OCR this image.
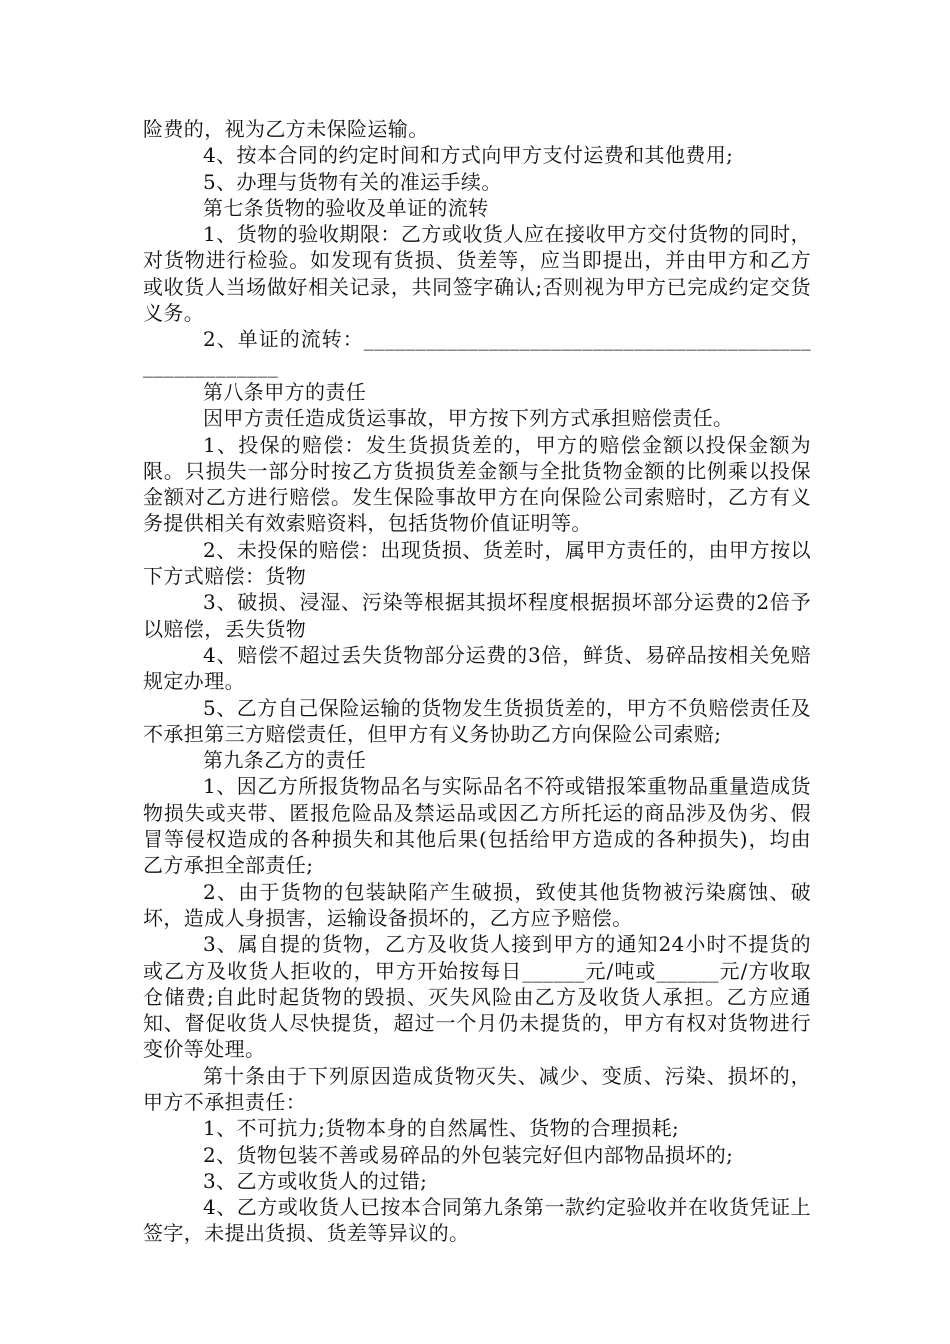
险费的，视为乙方未保险运输。

4、按本合同的约定时间和方式向甲方支付运费和其他费用;

5、办理与货物有关的准运手续。

第七条货物的验收及单证的流转

1、货物的验收期限：乙方或收货人应在接收甲方交付货物的同时，对货物进行检验。如发现有货损、货差等，应当即提出，并由甲方和乙方或收货人当场做好相关记录，共同签字确认;否则视为甲方已完成约定交货义务。

2、单证的流转：________________________________________________________

第八条甲方的责任

因甲方责任造成货运事故，甲方按下列方式承担赔偿责任。

1、投保的赔偿：发生货损货差的，甲方的赔偿金额以投保金额为限。只损失一部分时按乙方货损货差金额与全批货物金额的比例乘以投保金额对乙方进行赔偿。发生保险事故甲方在向保险公司索赔时，乙方有义务提供相关有效索赔资料，包括货物价值证明等。

2、未投保的赔偿：出现货损、货差时，属甲方责任的，由甲方按以下方式赔偿：货物

3、破损、浸湿、污染等根据其损坏程度根据损坏部分运费的2倍予以赔偿，丢失货物

4、赔偿不超过丢失货物部分运费的3倍，鲜货、易碎品按相关免赔规定办理。

5、乙方自己保险运输的货物发生货损货差的，甲方不负赔偿责任及不承担第三方赔偿责任，但甲方有义务协助乙方向保险公司索赔;

第九条乙方的责任

1、因乙方所报货物品名与实际品名不符或错报笨重物品重量造成货物损失或夹带、匿报危险品及禁运品或因乙方所托运的商品涉及伪劣、假冒等侵权造成的各种损失和其他后果(包括给甲方造成的各种损失)，均由乙方承担全部责任;

2、由于货物的包装缺陷产生破损，致使其他货物被污染腐蚀、破坏，造成人身损害，运输设备损坏的，乙方应予赔偿。

3、属自提的货物，乙方及收货人接到甲方的通知24小时不提货的或乙方及收货人拒收的，甲方开始按每日______元/吨或______元/方收取仓储费;自此时起货物的毁损、灭失风险由乙方及收货人承担。乙方应通知、督促收货人尽快提货，超过一个月仍未提货的，甲方有权对货物进行变价等处理。

第十条由于下列原因造成货物灭失、减少、变质、污染、损坏的，甲方不承担责任：

1、不可抗力;货物本身的自然属性、货物的合理损耗;

2、货物包装不善或易碎品的外包装完好但内部物品损坏的;

3、乙方或收货人的过错;

4、乙方或收货人已按本合同第九条第一款约定验收并在收货凭证上签字，未提出货损、货差等异议的。
